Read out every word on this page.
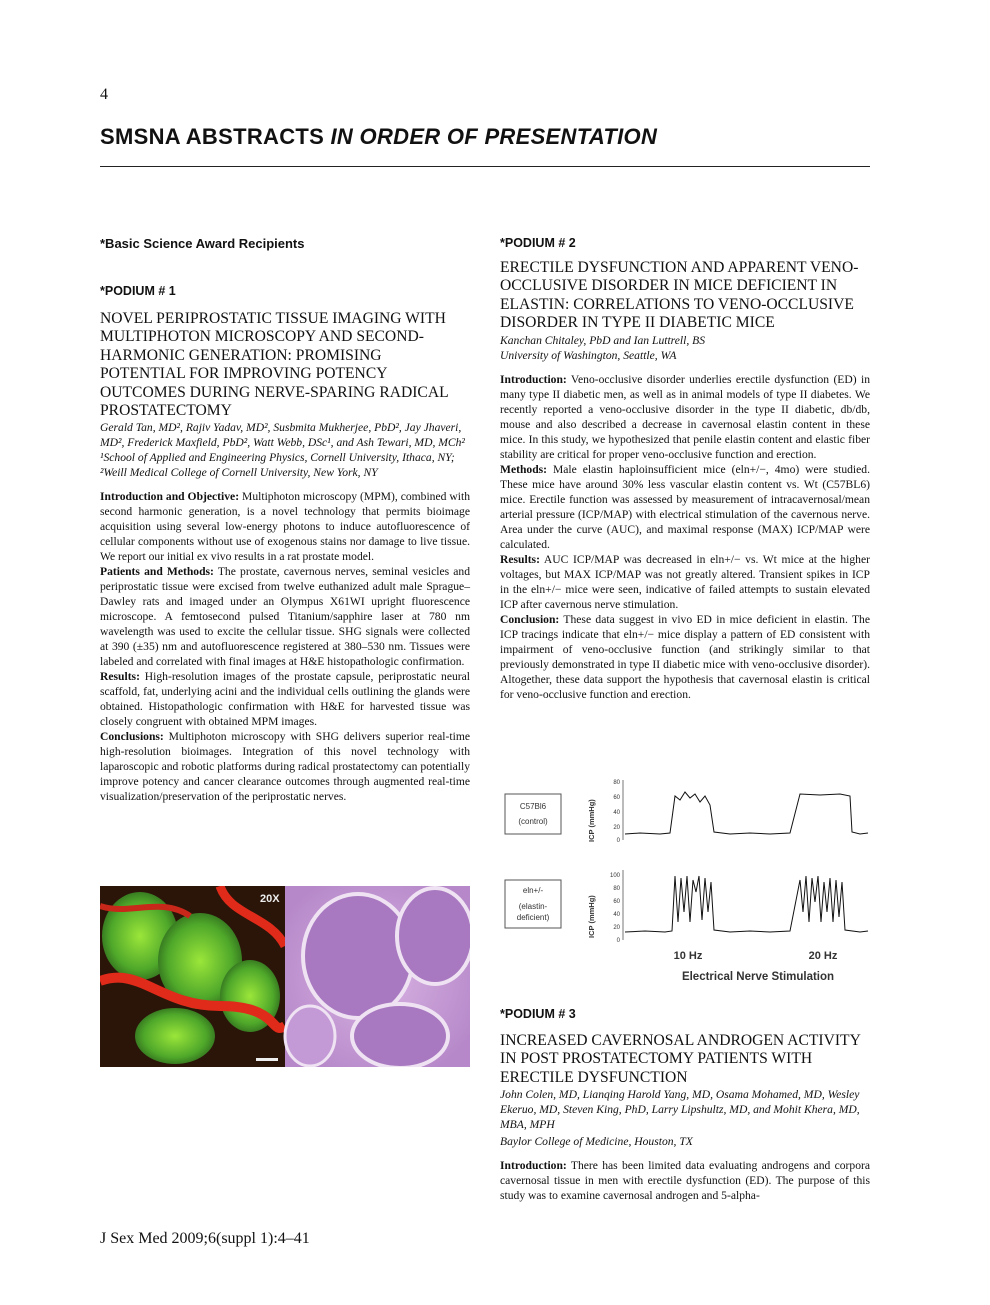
4
SMSNA ABSTRACTS IN ORDER OF PRESENTATION

*Basic Science Award Recipients

*PODIUM # 1

NOVEL PERIPROSTATIC TISSUE IMAGING WITH MULTIPHOTON MICROSCOPY AND SECOND-HARMONIC GENERATION: PROMISING POTENTIAL FOR IMPROVING POTENCY OUTCOMES DURING NERVE-SPARING RADICAL PROSTATECTOMY

Gerald Tan, MD², Rajiv Yadav, MD², Susbmita Mukherjee, PbD², Jay Jhaveri, MD², Frederick Maxfield, PbD², Watt Webb, DSc¹, and Ash Tewari, MD, MCh²

¹School of Applied and Engineering Physics, Cornell University, Ithaca, NY;

²Weill Medical College of Cornell University, New York, NY

Introduction and Objective: Multiphoton microscopy (MPM), combined with second harmonic generation, is a novel technology that permits bioimage acquisition using several low-energy photons to induce autofluorescence of cellular components without use of exogenous stains nor damage to live tissue. We report our initial ex vivo results in a rat prostate model.

Patients and Methods: The prostate, cavernous nerves, seminal vesicles and periprostatic tissue were excised from twelve euthanized adult male Sprague–Dawley rats and imaged under an Olympus X61WI upright fluorescence microscope. A femtosecond pulsed Titanium/sapphire laser at 780 nm wavelength was used to excite the cellular tissue. SHG signals were collected at 390 (±35) nm and autofluorescence registered at 380–530 nm. Tissues were labeled and correlated with final images at H&E histopathologic confirmation.

Results: High-resolution images of the prostate capsule, periprostatic neural scaffold, fat, underlying acini and the individual cells outlining the glands were obtained. Histopathologic confirmation with H&E for harvested tissue was closely congruent with obtained MPM images.

Conclusions: Multiphoton microscopy with SHG delivers superior real-time high-resolution bioimages. Integration of this novel technology with laparoscopic and robotic platforms during radical prostatectomy can potentially improve potency and cancer clearance outcomes through augmented real-time visualization/preservation of the periprostatic nerves.

20X

*PODIUM # 2

ERECTILE DYSFUNCTION AND APPARENT VENO-OCCLUSIVE DISORDER IN MICE DEFICIENT IN ELASTIN: CORRELATIONS TO VENO-OCCLUSIVE DISORDER IN TYPE II DIABETIC MICE

Kanchan Chitaley, PbD and Ian Luttrell, BS

University of Washington, Seattle, WA

Introduction: Veno-occlusive disorder underlies erectile dysfunction (ED) in many type II diabetic men, as well as in animal models of type II diabetes. We recently reported a veno-occlusive disorder in the type II diabetic, db/db, mouse and also described a decrease in cavernosal elastin content in these mice. In this study, we hypothesized that penile elastin content and elastic fiber stability are critical for proper veno-occlusive function and erection.

Methods: Male elastin haploinsufficient mice (eln+/−, 4mo) were studied. These mice have around 30% less vascular elastin content vs. Wt (C57BL6) mice. Erectile function was assessed by measurement of intracavernosal/mean arterial pressure (ICP/MAP) with electrical stimulation of the cavernous nerve. Area under the curve (AUC), and maximal response (MAX) ICP/MAP were calculated.

Results: AUC ICP/MAP was decreased in eln+/− vs. Wt mice at the higher voltages, but MAX ICP/MAP was not greatly altered. Transient spikes in ICP in the eln+/− mice were seen, indicative of failed attempts to sustain elevated ICP after cavernous nerve stimulation.

Conclusion: These data suggest in vivo ED in mice deficient in elastin. The ICP tracings indicate that eln+/− mice display a pattern of ED consistent with impairment of veno-occlusive function (and strikingly similar to that previously demonstrated in type II diabetic mice with veno-occlusive disorder). Altogether, these data support the hypothesis that cavernosal elastin is critical for veno-occlusive function and erection.

C57Bl6
(control)	ICP (mmHg)
80
60
40
20
0
eln+/-
(elastin-
deficient)	ICP (mmHg)
100
80
60
40
20
0
10 Hz	20 Hz
Electrical Nerve Stimulation

*PODIUM # 3

INCREASED CAVERNOSAL ANDROGEN ACTIVITY IN POST PROSTATECTOMY PATIENTS WITH ERECTILE DYSFUNCTION

John Colen, MD, Lianqing Harold Yang, MD, Osama Mohamed, MD, Wesley Ekeruo, MD, Steven King, PhD, Larry Lipshultz, MD, and Mohit Khera, MD, MBA, MPH

Baylor College of Medicine, Houston, TX

Introduction: There has been limited data evaluating androgens and corpora cavernosal tissue in men with erectile dysfunction (ED). The purpose of this study was to examine cavernosal androgen and 5-alpha-

J Sex Med 2009;6(suppl 1):4–41
